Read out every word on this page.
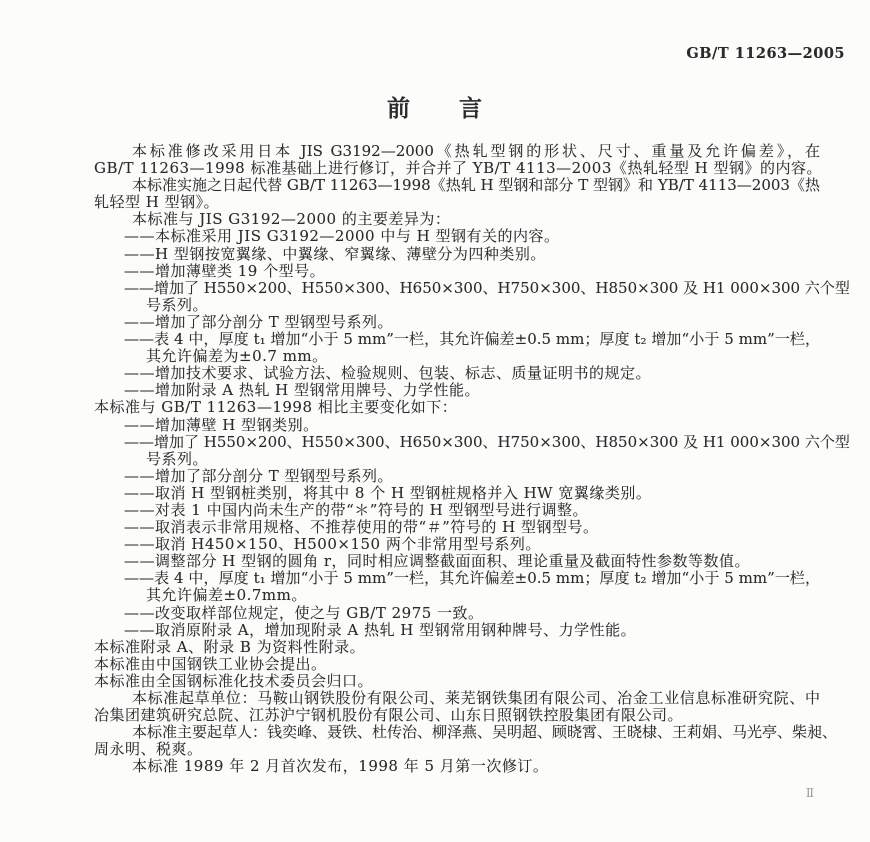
GB/T 11263—2005
前　　言
本标准修改采用日本 JIS G3192—2000《热轧型钢的形状、尺寸、重量及允许偏差》，在
GB/T 11263—1998 标准基础上进行修订，并合并了 YB/T 4113—2003《热轧轻型 H 型钢》的内容。
本标准实施之日起代替 GB/T 11263—1998《热轧 H 型钢和部分 T 型钢》和 YB/T 4113—2003《热
轧轻型 H 型钢》。
本标准与 JIS G3192—2000 的主要差异为：
——本标准采用 JIS G3192—2000 中与 H 型钢有关的内容。
——H 型钢按宽翼缘、中翼缘、窄翼缘、薄壁分为四种类别。
——增加薄壁类 19 个型号。
——增加了 H550×200、H550×300、H650×300、H750×300、H850×300 及 H1 000×300 六个型
号系列。
——增加了部分剖分 T 型钢型号系列。
——表 4 中，厚度 t₁ 增加“小于 5 mm”一栏，其允许偏差±0.5 mm；厚度 t₂ 增加“小于 5 mm”一栏，
其允许偏差为±0.7 mm。
——增加技术要求、试验方法、检验规则、包装、标志、质量证明书的规定。
——增加附录 A 热轧 H 型钢常用牌号、力学性能。
本标准与 GB/T 11263—1998 相比主要变化如下：
——增加薄壁 H 型钢类别。
——增加了 H550×200、H550×300、H650×300、H750×300、H850×300 及 H1 000×300 六个型
号系列。
——增加了部分剖分 T 型钢型号系列。
——取消 H 型钢桩类别，将其中 8 个 H 型钢桩规格并入 HW 宽翼缘类别。
——对表 1 中国内尚未生产的带“＊”符号的 H 型钢型号进行调整。
——取消表示非常用规格、不推荐使用的带“＃”符号的 H 型钢型号。
——取消 H450×150、H500×150 两个非常用型号系列。
——调整部分 H 型钢的圆角 r，同时相应调整截面面积、理论重量及截面特性参数等数值。
——表 4 中，厚度 t₁ 增加“小于 5 mm”一栏，其允许偏差±0.5 mm；厚度 t₂ 增加“小于 5 mm”一栏，
其允许偏差±0.7mm。
——改变取样部位规定，使之与 GB/T 2975 一致。
——取消原附录 A，增加现附录 A 热轧 H 型钢常用钢种牌号、力学性能。
本标准附录 A、附录 B 为资料性附录。
本标准由中国钢铁工业协会提出。
本标准由全国钢标准化技术委员会归口。
本标准起草单位：马鞍山钢铁股份有限公司、莱芜钢铁集团有限公司、冶金工业信息标准研究院、中
冶集团建筑研究总院、江苏沪宁钢机股份有限公司、山东日照钢铁控股集团有限公司。
本标准主要起草人：钱奕峰、聂铁、杜传治、柳泽燕、吴明超、顾晓霄、王晓棣、王莉娟、马光亭、柴昶、
周永明、税爽。
本标准 1989 年 2 月首次发布，1998 年 5 月第一次修订。
Ⅱ
